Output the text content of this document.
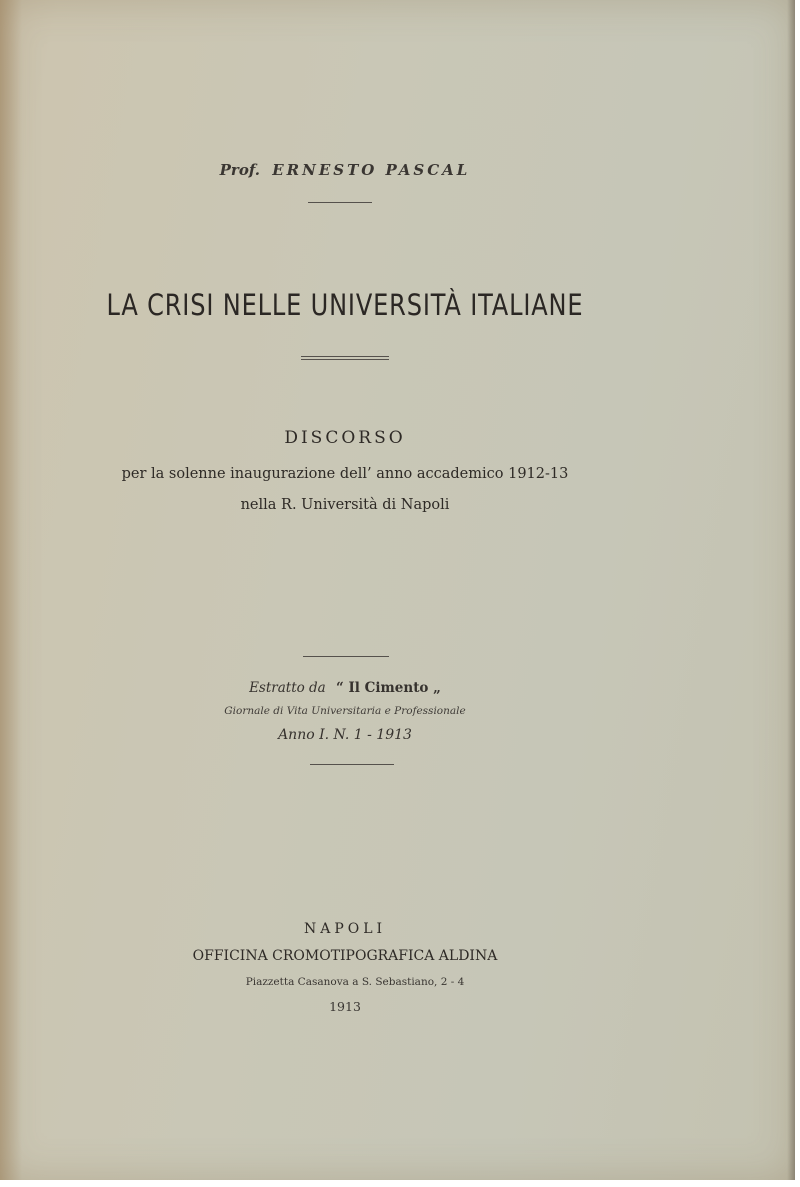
Prof. ERNESTO PASCAL
LA CRISI NELLE UNIVERSITÀ ITALIANE
DISCORSO
per la solenne inaugurazione dell’ anno accademico 1912-13
nella R. Università di Napoli
Estratto da “ Il Cimento „
Giornale di Vita Universitaria e Professionale
Anno I. N. 1 - 1913
NAPOLI
OFFICINA CROMOTIPOGRAFICA ALDINA
Piazzetta Casanova a S. Sebastiano, 2 - 4
1913
